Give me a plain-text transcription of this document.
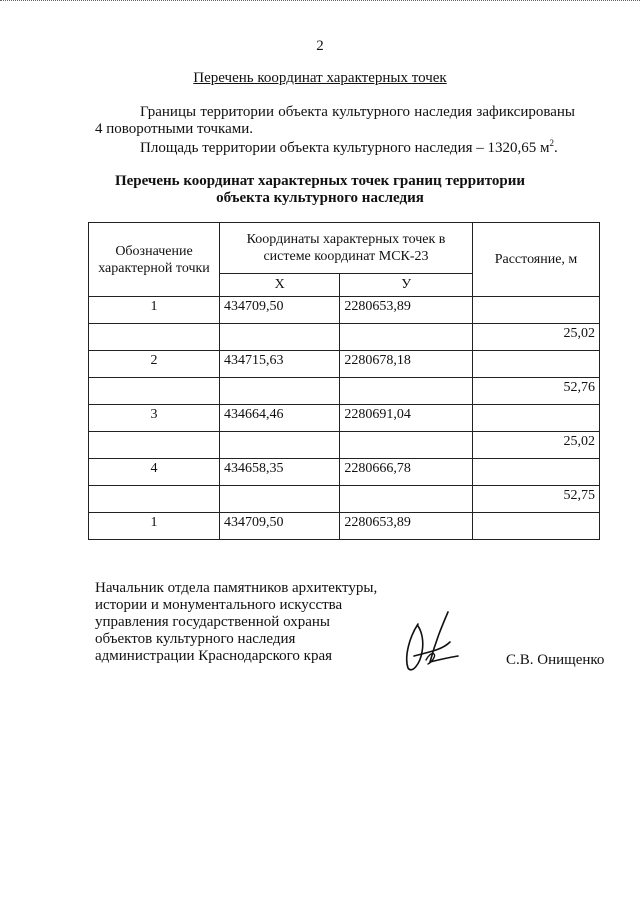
2
Перечень координат характерных точек
Границы территории объекта культурного наследия зафиксированы 4 поворотными точками.
Площадь территории объекта культурного наследия – 1320,65 $м^2$.
Перечень координат характерных точек границ территории
объекта культурного наследия
Обозначение характерной точки	Координаты характерных точек в системе координат МСК-23		Расстояние, м
	Х	У	
1	434709,50	2280653,89	
			25,02
2	434715,63	2280678,18	
			52,76
3	434664,46	2280691,04	
			25,02
4	434658,35	2280666,78	
			52,75
1	434709,50	2280653,89	
Начальник отдела памятников архитектуры,
истории и монументального искусства
управления государственной охраны
объектов культурного наследия
администрации Краснодарского края	С.В. Онищенко
